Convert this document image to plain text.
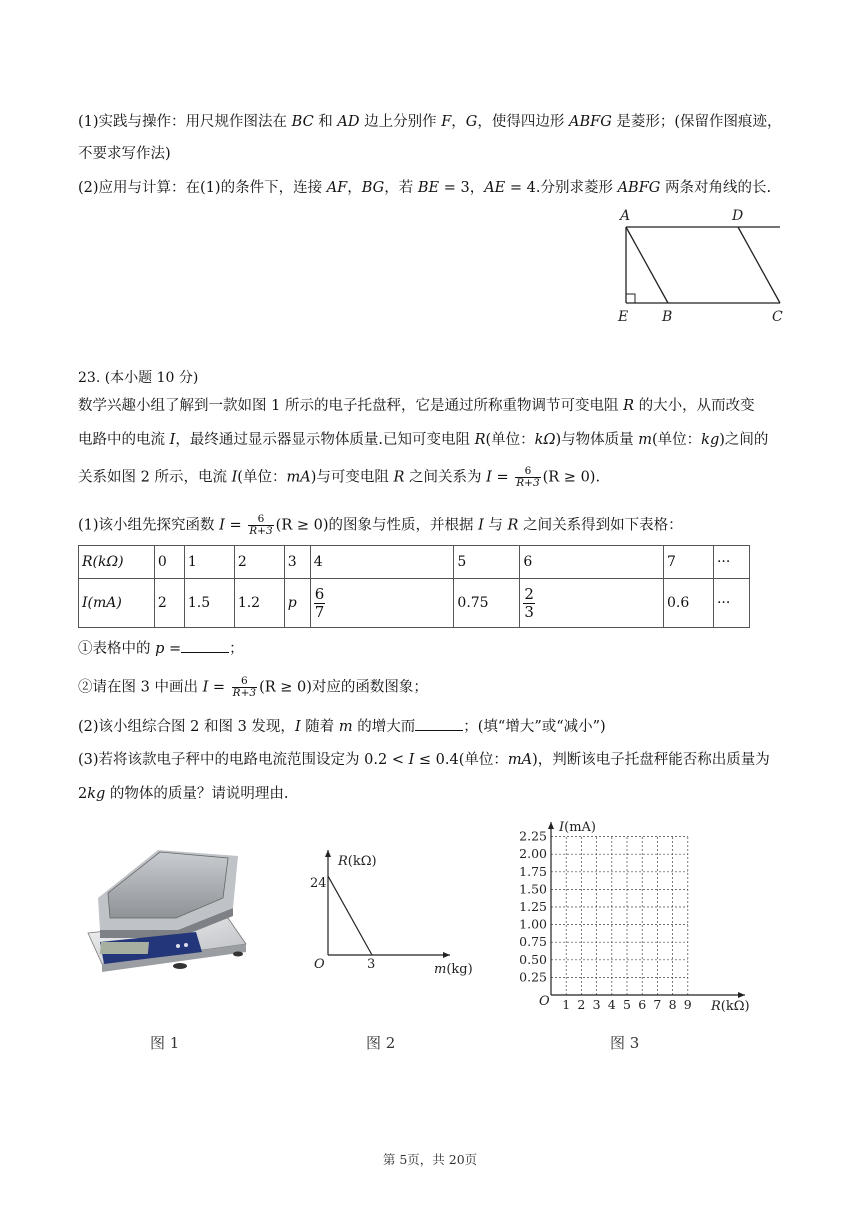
(1)实践与操作：用尺规作图法在 BC 和 AD 边上分别作 F，G，使得四边形 ABFG 是菱形；(保留作图痕迹，
不要求写作法)
(2)应用与计算：在(1)的条件下，连接 AF，BG，若 BE = 3，AE = 4.分别求菱形 ABFG 两条对角线的长.
A	D
E B	C
23. (本小题 10 分)
数学兴趣小组了解到一款如图 1 所示的电子托盘秤，它是通过所称重物调节可变电阻 R 的大小，从而改变
电路中的电流 I，最终通过显示器显示物体质量.已知可变电阻 R(单位：kΩ)与物体质量 m(单位：kg)之间的
关系如图 2 所示，电流 I(单位：mA)与可变电阻 R 之间关系为 $I = \frac{6}{R+3} (R \ge 0)$.
(1)该小组先探究函数 $I = \frac{6}{R+3} (R \ge 0)$的图象与性质，并根据 I 与 R 之间关系得到如下表格：
R(kΩ)	0	1	2	3	4	5	6	7	···
I(mA)	2	1.5	1.2	p	$\frac{6}{7}$	0.75	$\frac{2}{3}$	0.6	···
①表格中的 p =	；
②请在图 3 中画出 $I = \frac{6}{R+3} (R \ge 0)$对应的函数图象；
(2)该小组综合图 2 和图 3 发现，I 随着 m 的增大而	；(填“增大”或“减小”)
(3)若将该款电子秤中的电路电流范围设定为 0.2 < I ≤ 0.4(单位：mA)，判断该电子托盘秤能否称出质量为
2kg 的物体的质量？请说明理由.
R(kΩ)
24
O	3	m(kg)
1 2 3 4 5 6 7 8 9
0.25
0.50
0.75
1.00
1.25
1.50
1.75
2.00
2.25
I(mA)
O	R(kΩ)
图 1	图 2	图 3
第 5页，共 20页
